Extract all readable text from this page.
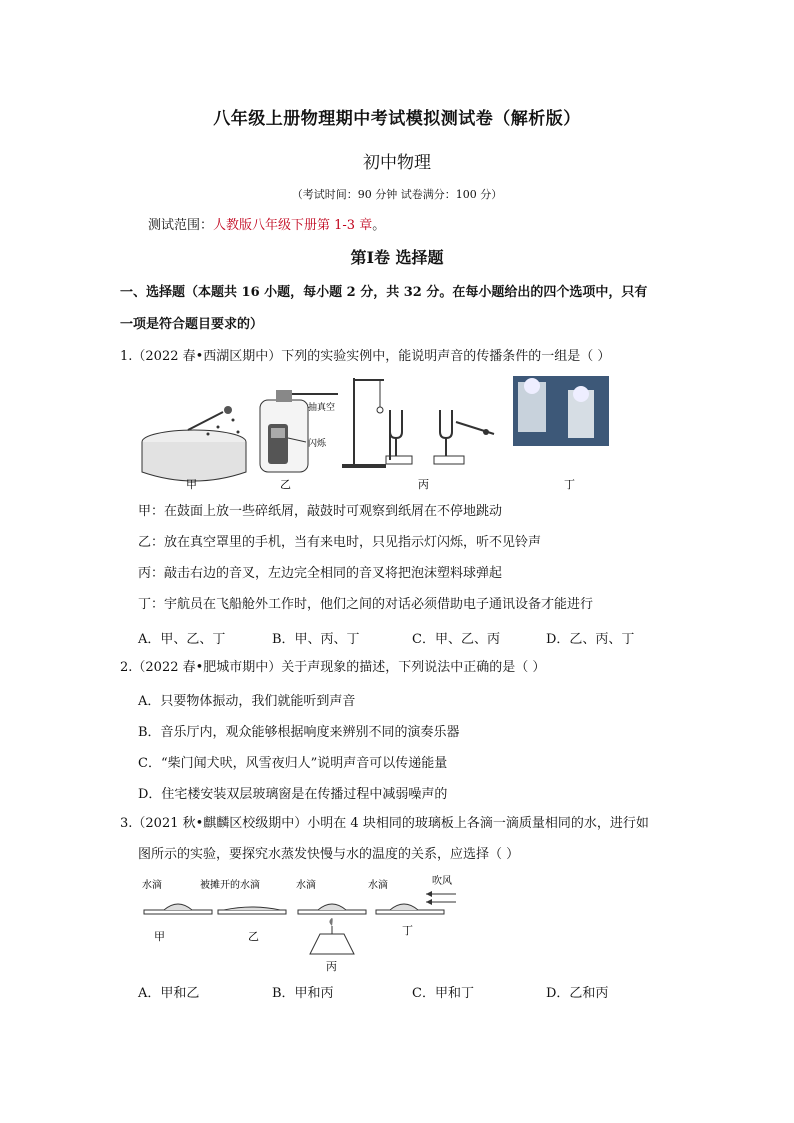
八年级上册物理期中考试模拟测试卷（解析版）
初中物理
（考试时间：90 分钟 试卷满分：100 分）
测试范围：人教版八年级下册第 1-3 章。
第Ⅰ卷 选择题
一、选择题（本题共 16 小题，每小题 2 分，共 32 分。在每小题给出的四个选项中，只有
一项是符合题目要求的）
1.（2022 春•西湖区期中）下列的实验实例中，能说明声音的传播条件的一组是（ ）
抽真空
闪烁
甲	乙	丙	丁
甲：在鼓面上放一些碎纸屑，敲鼓时可观察到纸屑在不停地跳动
乙：放在真空罩里的手机，当有来电时，只见指示灯闪烁，听不见铃声
丙：敲击右边的音叉，左边完全相同的音叉将把泡沫塑料球弹起
丁：宇航员在飞船舱外工作时，他们之间的对话必须借助电子通讯设备才能进行
A．甲、乙、丁	B．甲、丙、丁	C．甲、乙、丙	D．乙、丙、丁
2.（2022 春•肥城市期中）关于声现象的描述，下列说法中正确的是（ ）
A．只要物体振动，我们就能听到声音
B．音乐厅内，观众能够根据响度来辨别不同的演奏乐器
C．“柴门闻犬吠，风雪夜归人”说明声音可以传递能量
D．住宅楼安装双层玻璃窗是在传播过程中减弱噪声的
3.（2021 秋•麒麟区校级期中）小明在 4 块相同的玻璃板上各滴一滴质量相同的水，进行如
图所示的实验，要探究水蒸发快慢与水的温度的关系，应选择（ ）
水滴	被摊开的水滴	水滴	水滴	吹风
甲	乙
丙
丁
A．甲和乙	B．甲和丙	C．甲和丁	D．乙和丙
